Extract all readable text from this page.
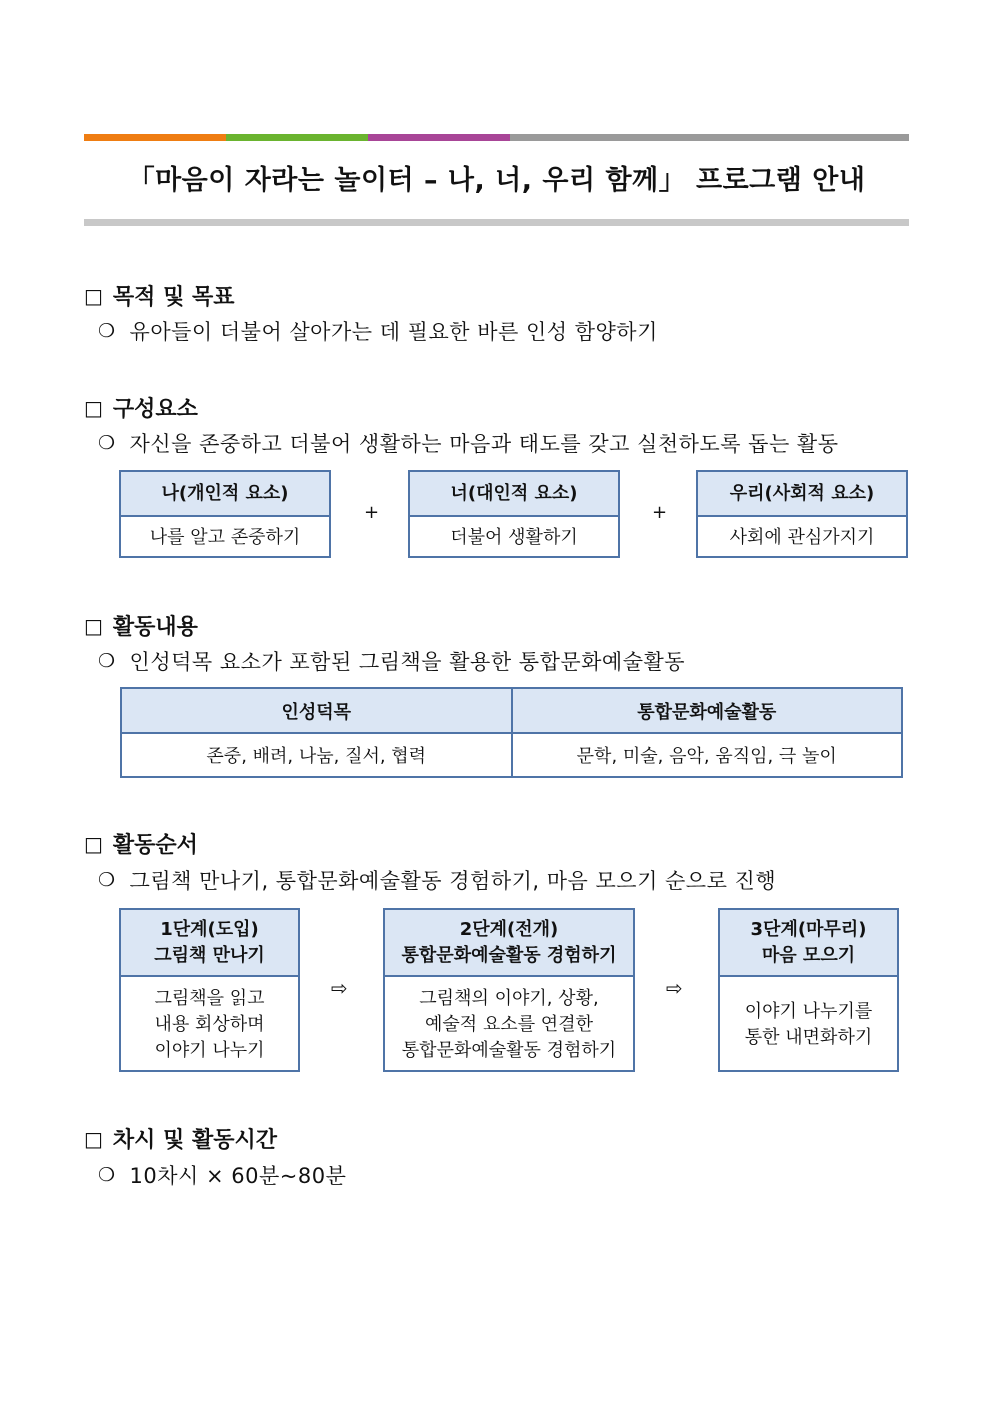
「마음이 자라는 놀이터 – 나, 너, 우리 함께」 프로그램 안내
□ 목적 및 목표
❍ 유아들이 더불어 살아가는 데 필요한 바른 인성 함양하기
□ 구성요소
❍ 자신을 존중하고 더불어 생활하는 마음과 태도를 갖고 실천하도록 돕는 활동
나(개인적 요소)
나를 알고 존중하기
+
너(대인적 요소)
더불어 생활하기
+
우리(사회적 요소)
사회에 관심가지기
□ 활동내용
❍ 인성덕목 요소가 포함된 그림책을 활용한 통합문화예술활동
인성덕목	통합문화예술활동
존중, 배려, 나눔, 질서, 협력	문학, 미술, 음악, 움직임, 극 놀이
□ 활동순서
❍ 그림책 만나기, 통합문화예술활동 경험하기, 마음 모으기 순으로 진행
1단계(도입)
그림책 만나기
그림책을 읽고
내용 회상하며
이야기 나누기
⇨
2단계(전개)
통합문화예술활동 경험하기
그림책의 이야기, 상황,
예술적 요소를 연결한
통합문화예술활동 경험하기
⇨
3단계(마무리)
마음 모으기
이야기 나누기를
통한 내면화하기
□ 차시 및 활동시간
❍ 10차시 × 60분~80분
